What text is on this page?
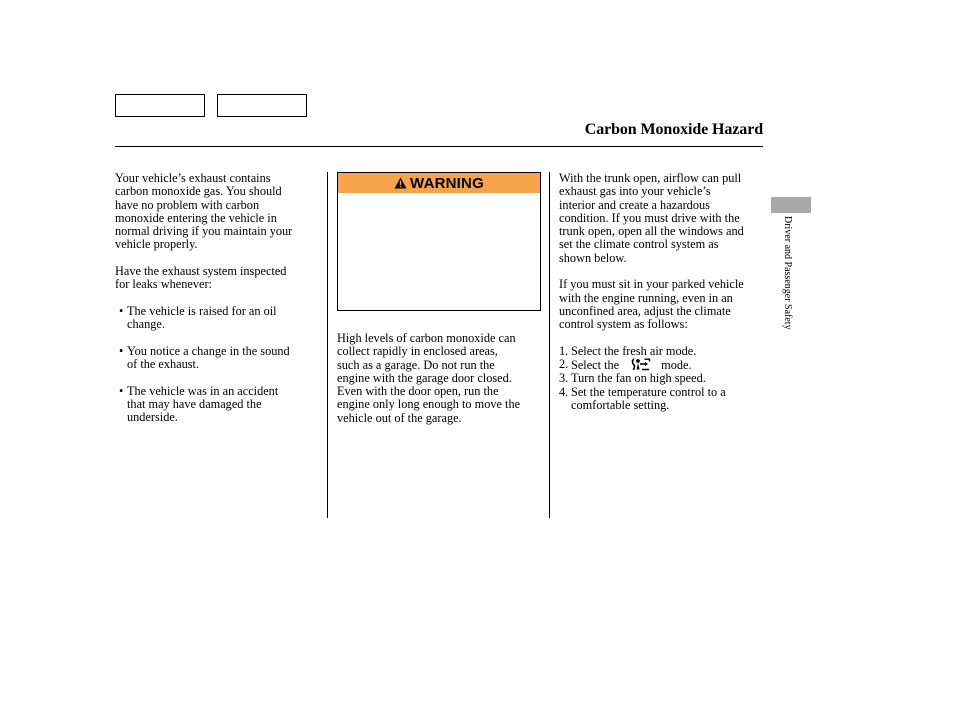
Carbon Monoxide Hazard

Your vehicle’s exhaust contains
carbon monoxide gas. You should
have no problem with carbon
monoxide entering the vehicle in
normal driving if you maintain your
vehicle properly.

Have the exhaust system inspected
for leaks whenever:

• The vehicle is raised for an oil
change.
• You notice a change in the sound
of the exhaust.
• The vehicle was in an accident
that may have damaged the
underside.
WARNING

High levels of carbon monoxide can
collect rapidly in enclosed areas,
such as a garage. Do not run the
engine with the garage door closed.
Even with the door open, run the
engine only long enough to move the
vehicle out of the garage.

With the trunk open, airflow can pull
exhaust gas into your vehicle’s
interior and create a hazardous
condition. If you must drive with the
trunk open, open all the windows and
set the climate control system as
shown below.

If you must sit in your parked vehicle
with the engine running, even in an
unconfined area, adjust the climate
control system as follows:

1. Select the fresh air mode.
2. Select the	mode.
3. Turn the fan on high speed.
4. Set the temperature control to a
comfortable setting.
Driver and Passenger Safety
